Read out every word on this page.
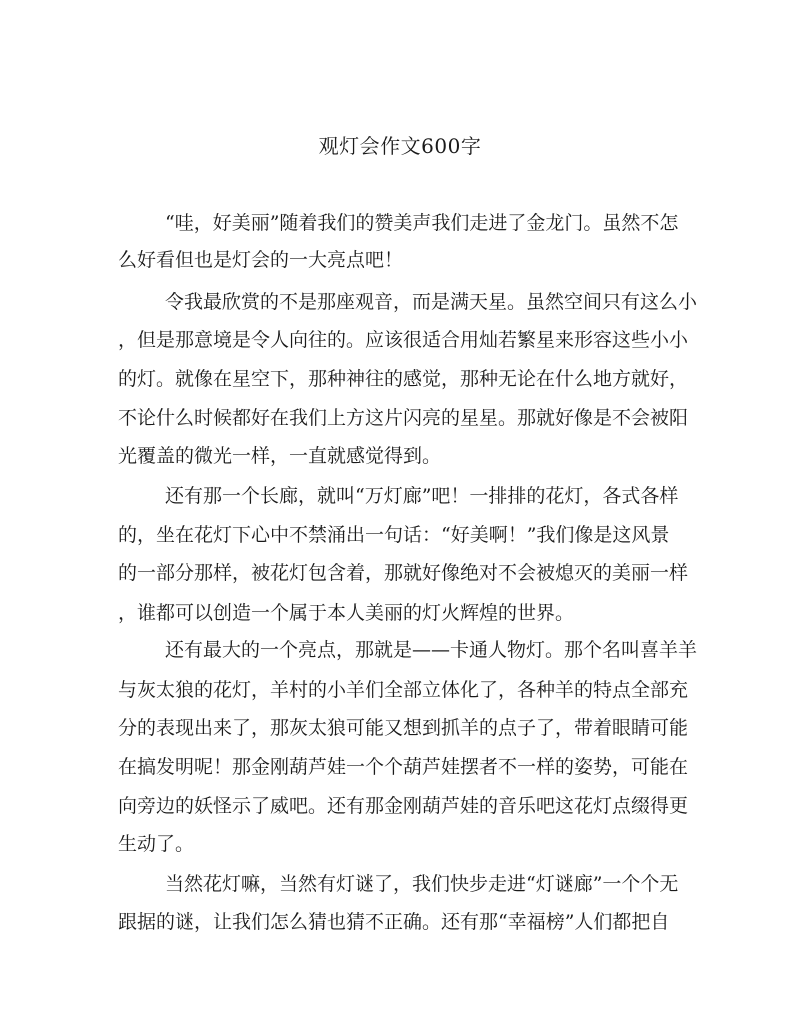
观灯会作文600字
“哇，好美丽”随着我们的赞美声我们走进了金龙门。虽然不怎
么好看但也是灯会的一大亮点吧！
令我最欣赏的不是那座观音，而是满天星。虽然空间只有这么小
，但是那意境是令人向往的。应该很适合用灿若繁星来形容这些小小
的灯。就像在星空下，那种神往的感觉，那种无论在什么地方就好，
不论什么时候都好在我们上方这片闪亮的星星。那就好像是不会被阳
光覆盖的微光一样，一直就感觉得到。
还有那一个长廊，就叫“万灯廊”吧！一排排的花灯，各式各样
的，坐在花灯下心中不禁涌出一句话：“好美啊！”我们像是这风景
的一部分那样，被花灯包含着，那就好像绝对不会被熄灭的美丽一样
，谁都可以创造一个属于本人美丽的灯火辉煌的世界。
还有最大的一个亮点，那就是——卡通人物灯。那个名叫喜羊羊
与灰太狼的花灯，羊村的小羊们全部立体化了，各种羊的特点全部充
分的表现出来了，那灰太狼可能又想到抓羊的点子了，带着眼睛可能
在搞发明呢！那金刚葫芦娃一个个葫芦娃摆者不一样的姿势，可能在
向旁边的妖怪示了威吧。还有那金刚葫芦娃的音乐吧这花灯点缀得更
生动了。
当然花灯嘛，当然有灯谜了，我们快步走进“灯谜廊”一个个无
跟据的谜，让我们怎么猜也猜不正确。还有那“幸福榜”人们都把自
